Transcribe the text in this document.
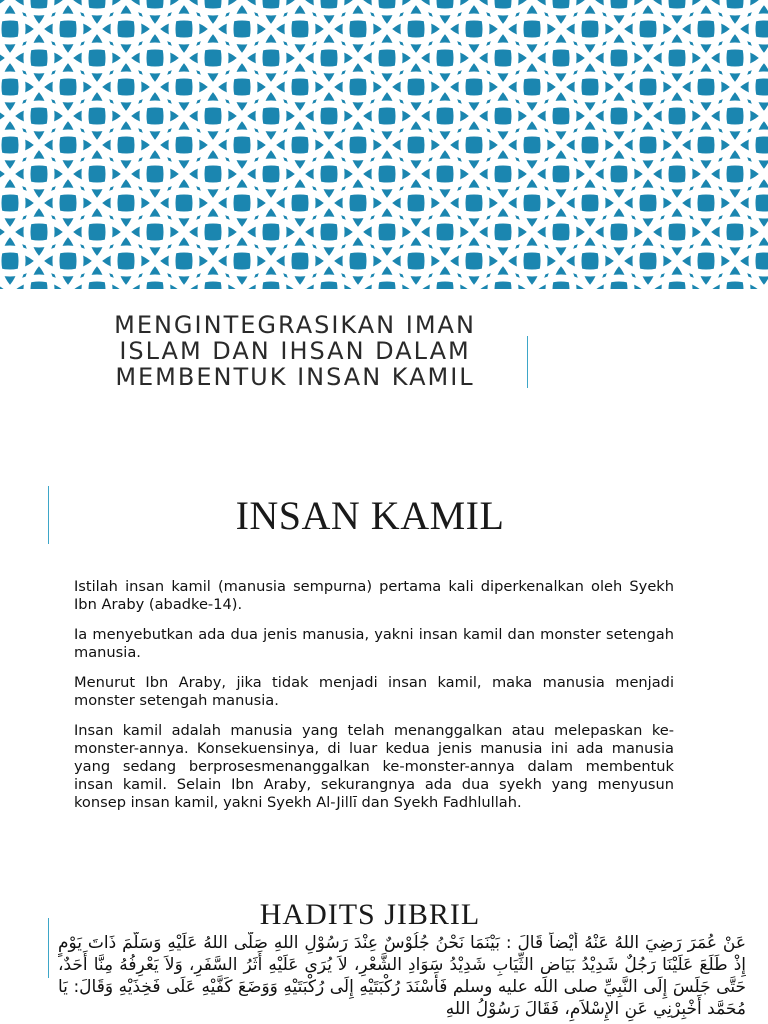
MENGINTEGRASIKAN IMAN
ISLAM DAN IHSAN DALAM
MEMBENTUK INSAN KAMIL
INSAN KAMIL

Istilah insan kamil (manusia sempurna) pertama kali diperkenalkan oleh Syekh Ibn Araby (abadke-14).

Ia menyebutkan ada dua jenis manusia, yakni insan kamil dan monster setengah manusia.

Menurut Ibn Araby, jika tidak menjadi insan kamil, maka manusia menjadi monster setengah manusia.

Insan kamil adalah manusia yang telah menanggalkan atau melepaskan ke-monster-annya. Konsekuensinya, di luar kedua jenis manusia ini ada manusia yang sedang berprosesmenanggalkan ke-monster-annya dalam membentuk insan kamil. Selain Ibn Araby, sekurangnya ada dua syekh yang menyusun konsep insan kamil, yakni Syekh Al-Jillī dan Syekh Fadhlullah.

HADITS JIBRIL
عَنْ عُمَرَ رَضِيَ اللهُ عَنْهُ أَيْضاً قَالَ : بَيْنَمَا نَحْنُ جُلُوْسٌ عِنْدَ رَسُوْلِ اللهِ صَلَّى اللهُ عَلَيْهِ وَسَلَّمَ ذَاتَ يَوْمٍ إِذْ طَلَعَ عَلَيْنَا رَجُلٌ شَدِيْدُ بَيَاضِ الثِّيَابِ شَدِيْدُ سَوَادِ الشَّعْرِ، لاَ يُرَى عَلَيْهِ أَثَرُ السَّفَرِ، وَلاَ يَعْرِفُهُ مِنَّا أَحَدٌ، حَتَّى جَلَسَ إِلَى النَّبِيِّ صلى الله عليه وسلم فَأَسْنَدَ رُكْبَتَيْهِ إِلَى رُكْبَتَيْهِ وَوَضَعَ كَفَّيْهِ عَلَى فَخِذَيْهِ وَقَالَ: يَا مُحَمَّد أَخْبِرْنِي عَنِ الإِسْلاَمِ، فَقَالَ رَسُوْلُ اللهِ
